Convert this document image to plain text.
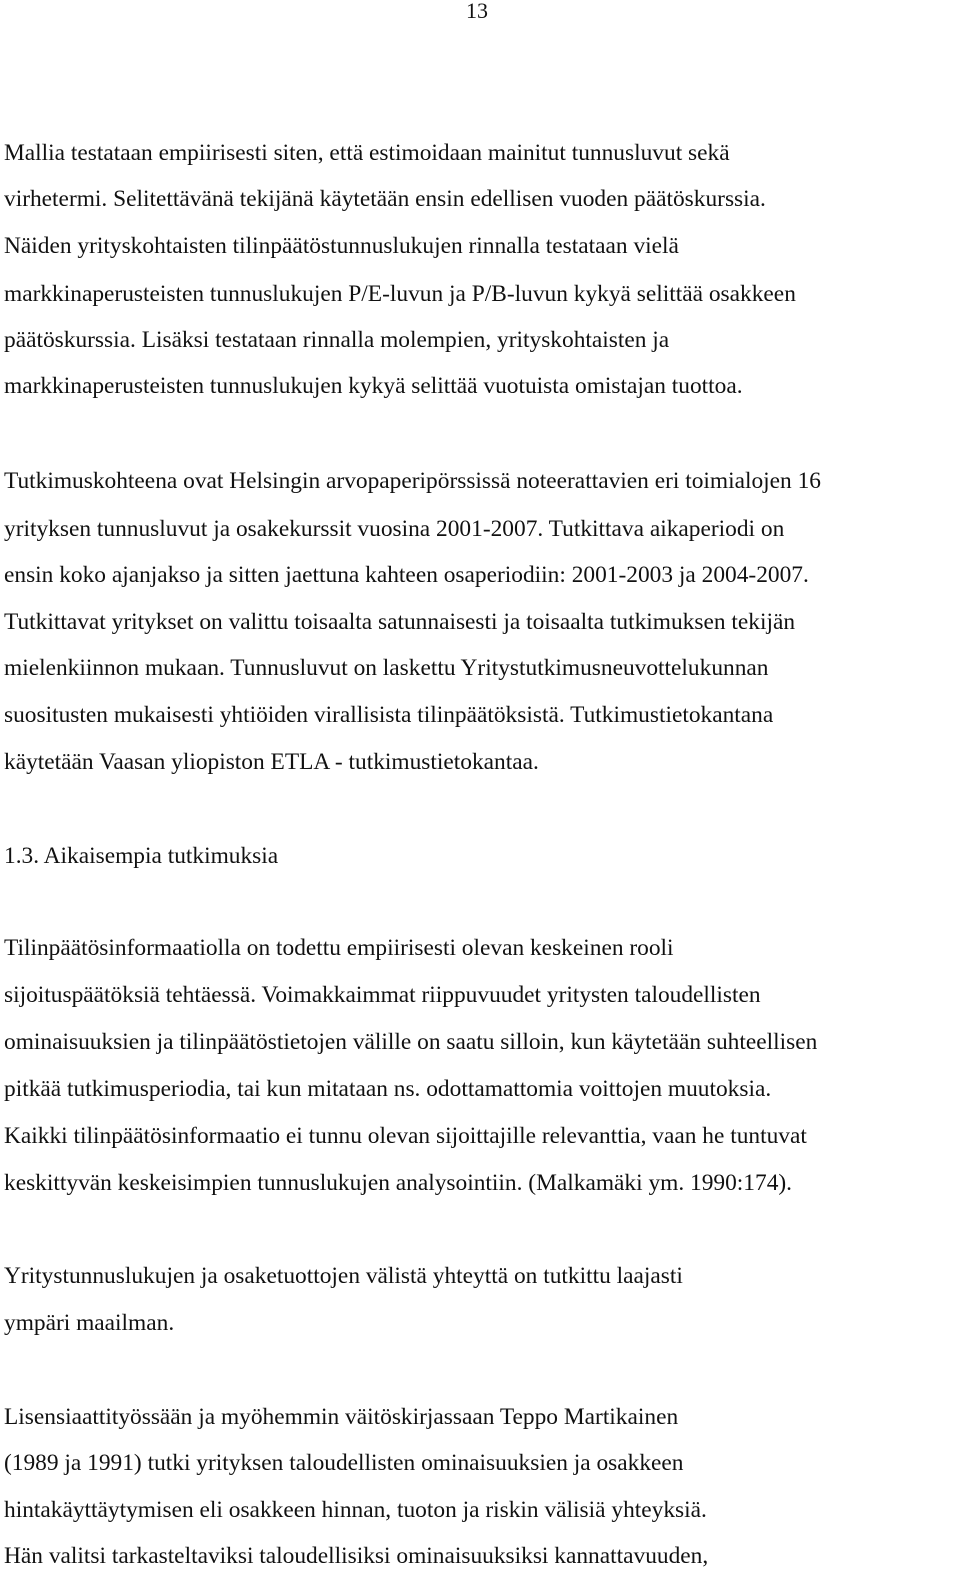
13
Mallia testataan empiirisesti siten, että estimoidaan mainitut tunnusluvut sekä
virhetermi. Selitettävänä tekijänä käytetään ensin edellisen vuoden päätöskurssia.
Näiden yrityskohtaisten tilinpäätöstunnuslukujen rinnalla testataan vielä
markkinaperusteisten tunnuslukujen P/E-luvun ja P/B-luvun kykyä selittää osakkeen
päätöskurssia. Lisäksi testataan rinnalla molempien, yrityskohtaisten ja
markkinaperusteisten tunnuslukujen kykyä selittää vuotuista omistajan tuottoa.
Tutkimuskohteena ovat Helsingin arvopaperipörssissä noteerattavien eri toimialojen 16
yrityksen tunnusluvut ja osakekurssit vuosina 2001-2007. Tutkittava aikaperiodi on
ensin koko ajanjakso ja sitten jaettuna kahteen osaperiodiin: 2001-2003 ja 2004-2007.
Tutkittavat yritykset on valittu toisaalta satunnaisesti ja toisaalta tutkimuksen tekijän
mielenkiinnon mukaan. Tunnusluvut on laskettu Yritystutkimusneuvottelukunnan
suositusten mukaisesti yhtiöiden virallisista tilinpäätöksistä. Tutkimustietokantana
käytetään Vaasan yliopiston ETLA - tutkimustietokantaa.
1.3. Aikaisempia tutkimuksia
Tilinpäätösinformaatiolla on todettu empiirisesti olevan keskeinen rooli
sijoituspäätöksiä tehtäessä. Voimakkaimmat riippuvuudet yritysten taloudellisten
ominaisuuksien ja tilinpäätöstietojen välille on saatu silloin, kun käytetään suhteellisen
pitkää tutkimusperiodia, tai kun mitataan ns. odottamattomia voittojen muutoksia.
Kaikki tilinpäätösinformaatio ei tunnu olevan sijoittajille relevanttia, vaan he tuntuvat
keskittyvän keskeisimpien tunnuslukujen analysointiin. (Malkamäki ym. 1990:174).
Yritystunnuslukujen ja osaketuottojen välistä yhteyttä on tutkittu laajasti
ympäri maailman.
Lisensiaattityössään ja myöhemmin väitöskirjassaan Teppo Martikainen
(1989 ja 1991) tutki yrityksen taloudellisten ominaisuuksien ja osakkeen
hintakäyttäytymisen eli osakkeen hinnan, tuoton ja riskin välisiä yhteyksiä.
Hän valitsi tarkasteltaviksi taloudellisiksi ominaisuuksiksi kannattavuuden,
